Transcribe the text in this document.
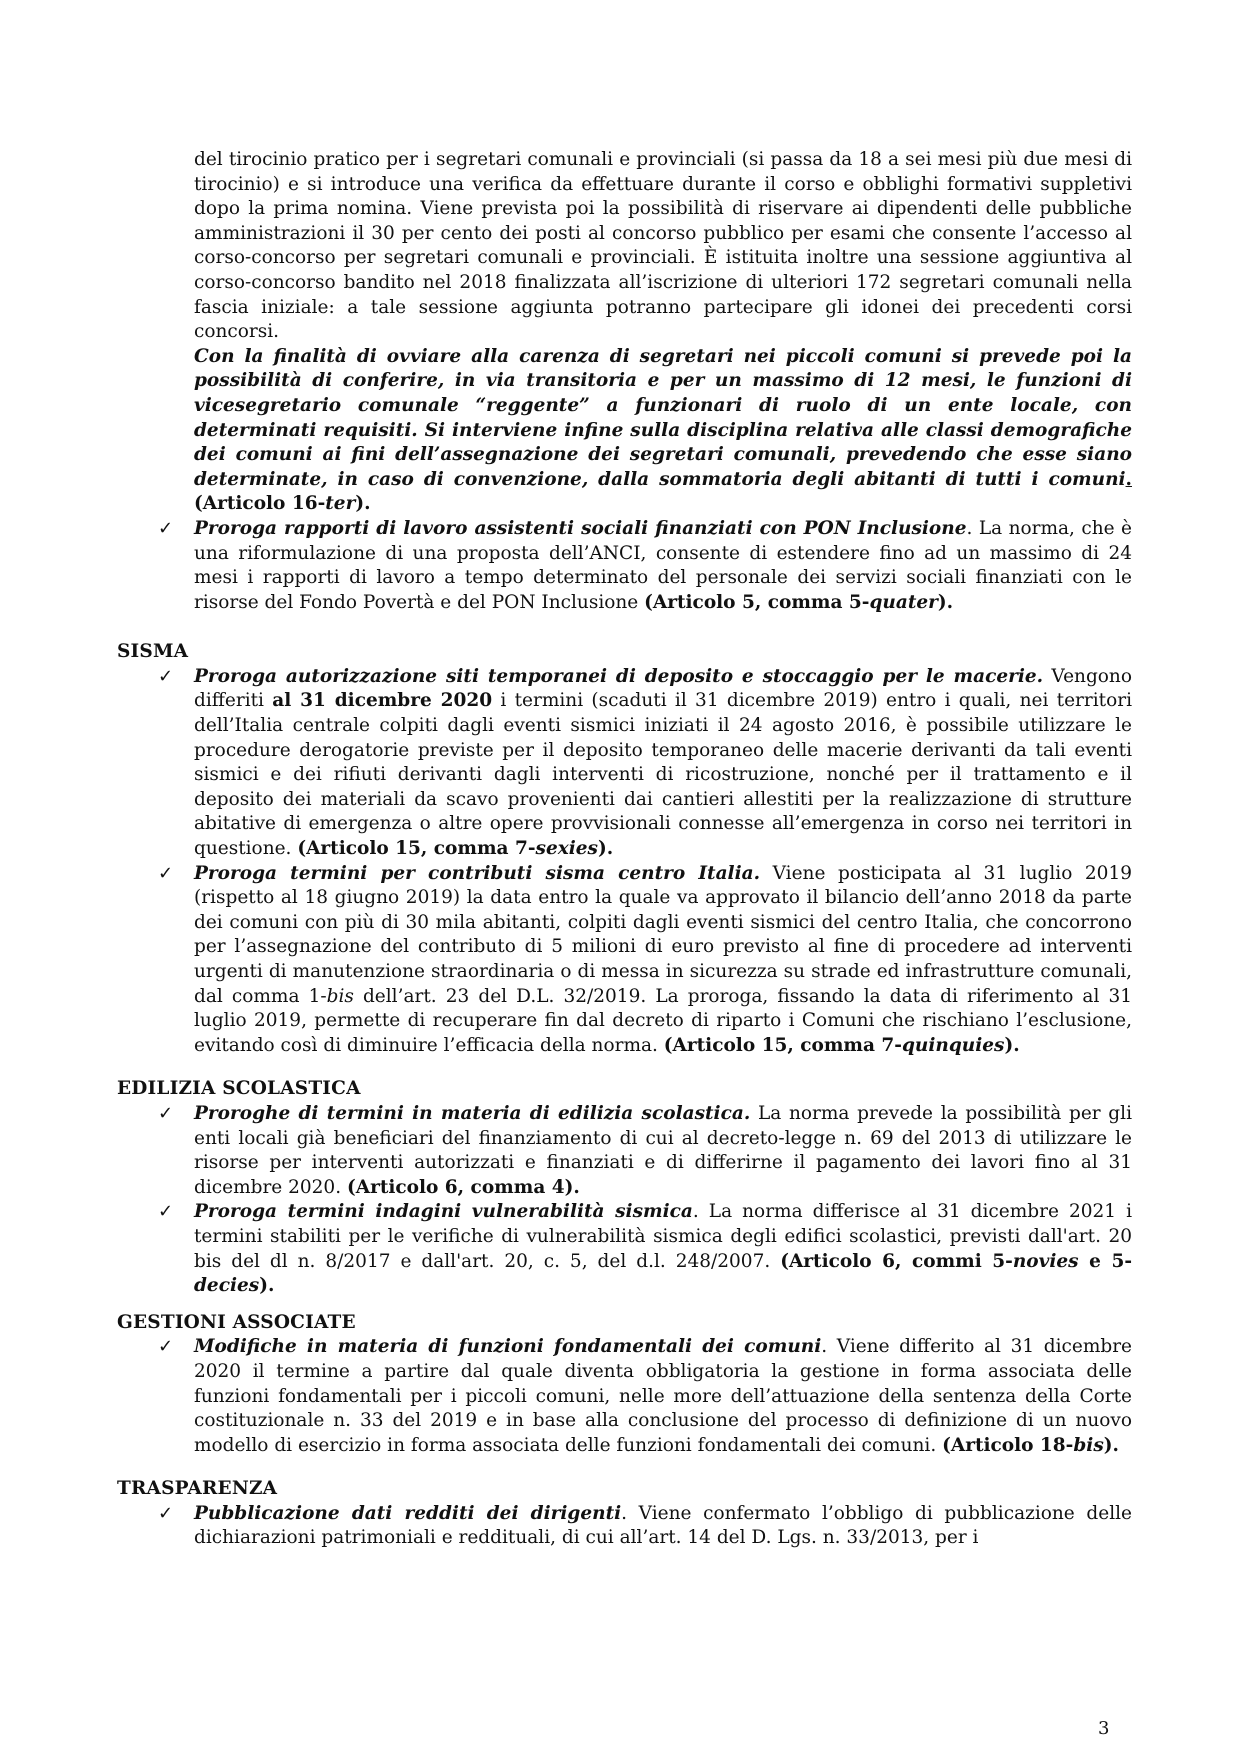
del tirocinio pratico per i segretari comunali e provinciali (si passa da 18 a sei mesi più due mesi di tirocinio) e si introduce una verifica da effettuare durante il corso e obblighi formativi suppletivi dopo la prima nomina. Viene prevista poi la possibilità di riservare ai dipendenti delle pubbliche amministrazioni il 30 per cento dei posti al concorso pubblico per esami che consente l’accesso al corso-concorso per segretari comunali e provinciali. È istituita inoltre una sessione aggiuntiva al corso-concorso bandito nel 2018 finalizzata all’iscrizione di ulteriori 172 segretari comunali nella fascia iniziale: a tale sessione aggiunta potranno partecipare gli idonei dei precedenti corsi concorsi.

Con la finalità di ovviare alla carenza di segretari nei piccoli comuni si prevede poi la possibilità di conferire, in via transitoria e per un massimo di 12 mesi, le funzioni di vicesegretario comunale “reggente” a funzionari di ruolo di un ente locale, con determinati requisiti. Si interviene infine sulla disciplina relativa alle classi demografiche dei comuni ai fini dell’assegnazione dei segretari comunali, prevedendo che esse siano determinate, in caso di convenzione, dalla sommatoria degli abitanti di tutti i comuni. (Articolo 16-ter).

✓ Proroga rapporti di lavoro assistenti sociali finanziati con PON Inclusione. La norma, che è una riformulazione di una proposta dell’ANCI, consente di estendere fino ad un massimo di 24 mesi i rapporti di lavoro a tempo determinato del personale dei servizi sociali finanziati con le risorse del Fondo Povertà e del PON Inclusione (Articolo 5, comma 5-quater).

SISMA

✓ Proroga autorizzazione siti temporanei di deposito e stoccaggio per le macerie. Vengono differiti al 31 dicembre 2020 i termini (scaduti il 31 dicembre 2019) entro i quali, nei territori dell’Italia centrale colpiti dagli eventi sismici iniziati il 24 agosto 2016, è possibile utilizzare le procedure derogatorie previste per il deposito temporaneo delle macerie derivanti da tali eventi sismici e dei rifiuti derivanti dagli interventi di ricostruzione, nonché per il trattamento e il deposito dei materiali da scavo provenienti dai cantieri allestiti per la realizzazione di strutture abitative di emergenza o altre opere provvisionali connesse all’emergenza in corso nei territori in questione. (Articolo 15, comma 7-sexies).

✓ Proroga termini per contributi sisma centro Italia. Viene posticipata al 31 luglio 2019 (rispetto al 18 giugno 2019) la data entro la quale va approvato il bilancio dell’anno 2018 da parte dei comuni con più di 30 mila abitanti, colpiti dagli eventi sismici del centro Italia, che concorrono per l’assegnazione del contributo di 5 milioni di euro previsto al fine di procedere ad interventi urgenti di manutenzione straordinaria o di messa in sicurezza su strade ed infrastrutture comunali, dal comma 1-bis dell’art. 23 del D.L. 32/2019. La proroga, fissando la data di riferimento al 31 luglio 2019, permette di recuperare fin dal decreto di riparto i Comuni che rischiano l’esclusione, evitando così di diminuire l’efficacia della norma. (Articolo 15, comma 7-quinquies).

EDILIZIA SCOLASTICA

✓ Proroghe di termini in materia di edilizia scolastica. La norma prevede la possibilità per gli enti locali già beneficiari del finanziamento di cui al decreto-legge n. 69 del 2013 di utilizzare le risorse per interventi autorizzati e finanziati e di differirne il pagamento dei lavori fino al 31 dicembre 2020. (Articolo 6, comma 4).

✓ Proroga termini indagini vulnerabilità sismica. La norma differisce al 31 dicembre 2021 i termini stabiliti per le verifiche di vulnerabilità sismica degli edifici scolastici, previsti dall'art. 20 bis del dl n. 8/2017 e dall'art. 20, c. 5, del d.l. 248/2007. (Articolo 6, commi 5-novies e 5-decies).

GESTIONI ASSOCIATE

✓ Modifiche in materia di funzioni fondamentali dei comuni. Viene differito al 31 dicembre 2020 il termine a partire dal quale diventa obbligatoria la gestione in forma associata delle funzioni fondamentali per i piccoli comuni, nelle more dell’attuazione della sentenza della Corte costituzionale n. 33 del 2019 e in base alla conclusione del processo di definizione di un nuovo modello di esercizio in forma associata delle funzioni fondamentali dei comuni. (Articolo 18-bis).

TRASPARENZA

✓ Pubblicazione dati redditi dei dirigenti. Viene confermato l’obbligo di pubblicazione delle dichiarazioni patrimoniali e reddituali, di cui all’art. 14 del D. Lgs. n. 33/2013, per i

3
